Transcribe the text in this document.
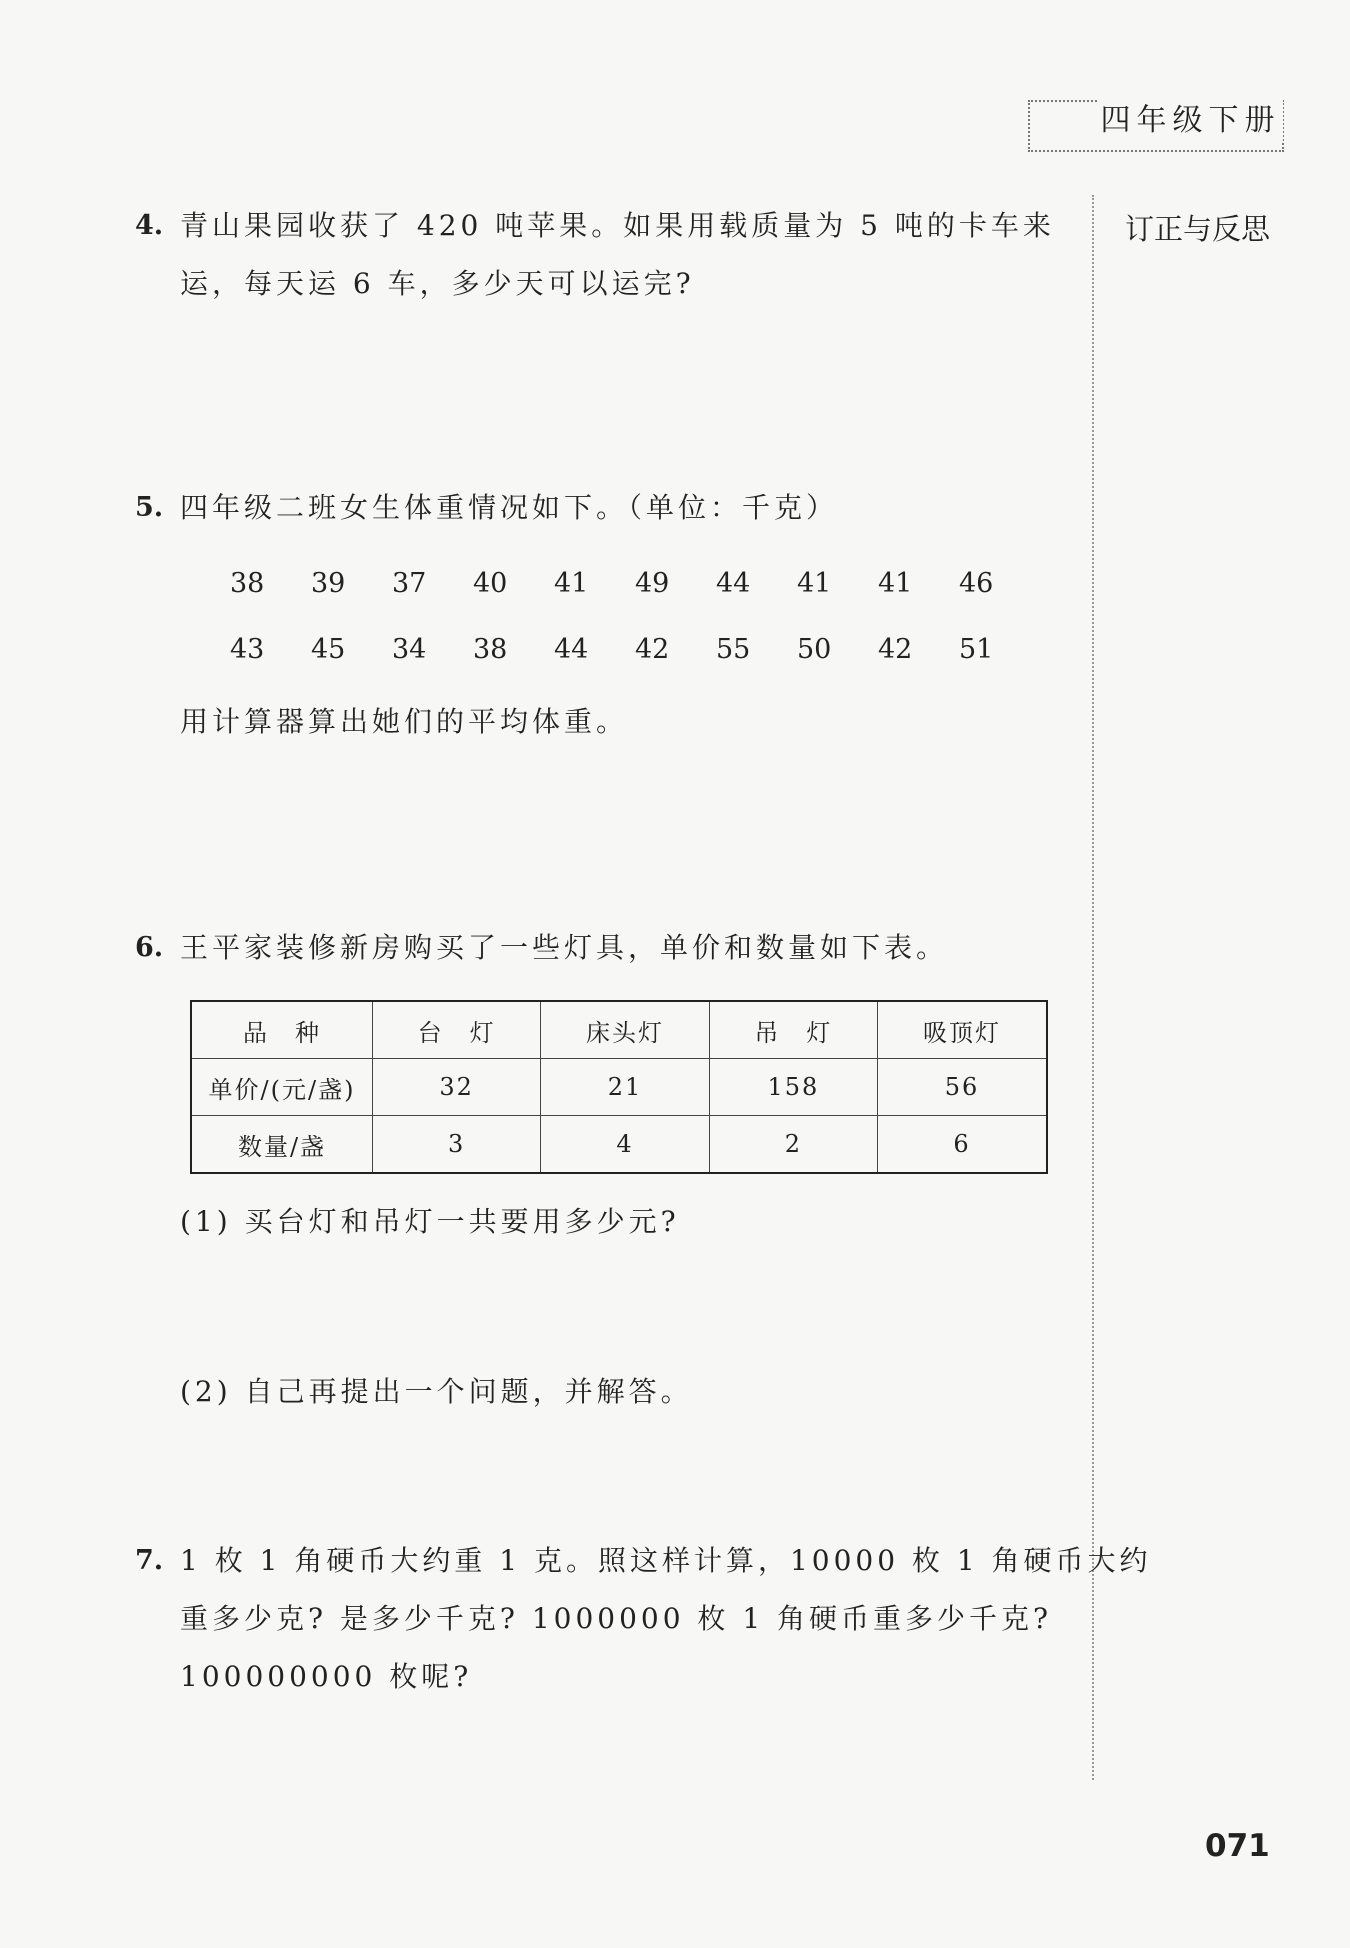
四年级下册
订正与反思
4. 青山果园收获了 420 吨苹果。如果用载质量为 5 吨的卡车来
运，每天运 6 车，多少天可以运完?
5. 四年级二班女生体重情况如下。（单位：千克）
38	39	37	40	41	49	44	41	41	46
43	45	34	38	44	42	55	50	42	51
用计算器算出她们的平均体重。
6. 王平家装修新房购买了一些灯具，单价和数量如下表。
品　种	台　灯	床头灯	吊　灯	吸顶灯
单价/(元/盏)	32	21	158	56
数量/盏	3	4	2	6
(1) 买台灯和吊灯一共要用多少元?
(2) 自己再提出一个问题，并解答。
7. 1 枚 1 角硬币大约重 1 克。照这样计算，10000 枚 1 角硬币大约
重多少克? 是多少千克? 1000000 枚 1 角硬币重多少千克?
100000000 枚呢?
071
